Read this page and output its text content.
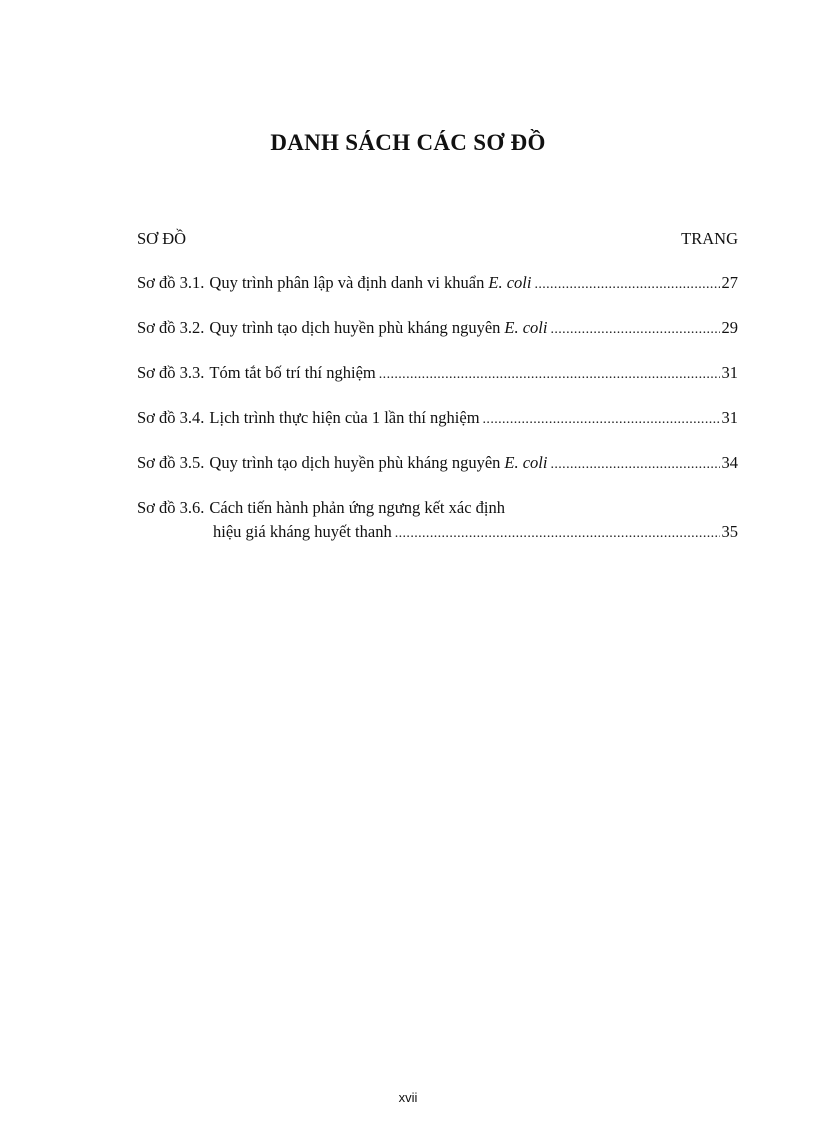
DANH SÁCH CÁC SƠ ĐỒ
SƠ ĐỒ	TRANG
Sơ đồ 3.1. Quy trình phân lập và định danh vi khuẩn E. coli .....	27
Sơ đồ 3.2. Quy trình tạo dịch huyền phù kháng nguyên E. coli .....	29
Sơ đồ 3.3. Tóm tắt bố trí thí nghiệm .....	31
Sơ đồ 3.4. Lịch trình thực hiện của 1 lần thí nghiệm .....	31
Sơ đồ 3.5. Quy trình tạo dịch huyền phù kháng nguyên E. coli .....	34
Sơ đồ 3.6. Cách tiến hành phản ứng ngưng kết xác định
hiệu giá kháng huyết thanh .....	35
xvii
